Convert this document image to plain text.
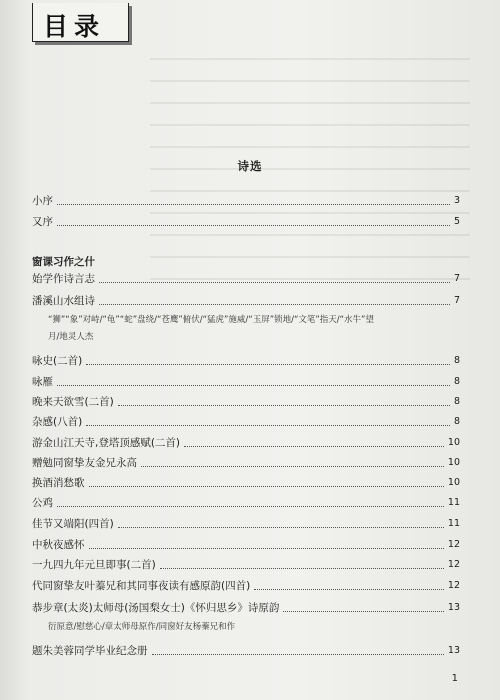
目录
诗选
小序	3
又序	5
窗课习作之什
始学作诗言志	7
潘溪山水组诗	7
“狮”“象”对峙/“龟”“蛇”盘绕/“苍鹰”俯伏/“猛虎”施威/“玉屏”锁地/“文笔”指天/“水牛”望
月/地灵人杰
咏史(二首)	8
咏雁	8
晚来天欲雪(二首)	8
杂感(八首)	8
游金山江天寺,登塔顶感赋(二首)	10
赠勉同窗挚友金兄永高	10
换酒消愁歌	10
公鸡	11
佳节又端阳(四首)	11
中秋夜感怀	12
一九四九年元旦即事(二首)	12
代同窗挚友叶蓁兄和其同事夜读有感原韵(四首)	12
恭步章(太炎)太师母(汤国梨女士)《怀归思乡》诗原韵	13
衍原意/慰慈心/章太师母原作/同窗好友杨蓁兄和作
题朱美蓉同学毕业纪念册	13
1
